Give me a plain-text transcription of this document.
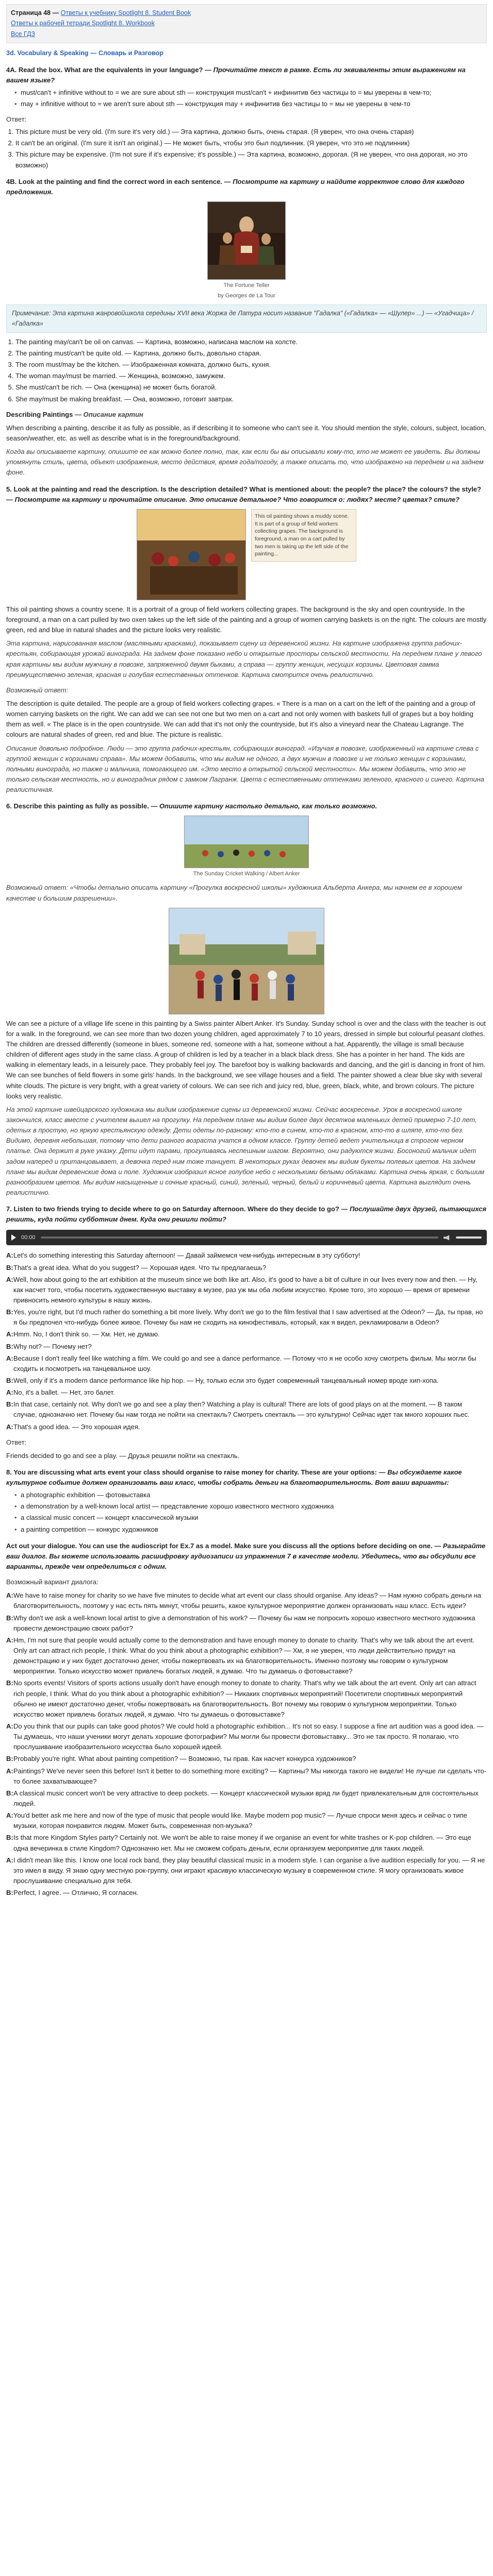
Страница 48 — Ответы к учебнику Spotlight 8. Student Book
Ответы к рабочей тетради Spotlight 8. Workbook
Все ГДЗ
3d. Vocabulary & Speaking — Словарь и Разговор
4A. Read the box. What are the equivalents in your language? — Прочитайте текст в рамке. Есть ли эквиваленты этим выражениям на вашем языке?
• must/can't + infinitive without to = we are sure about sth — конструкция must/can't + инфинитив без частицы to = мы уверены в чем-то;
• may + infinitive without to = we aren't sure about sth — конструкция may + инфинитив без частицы to = мы не уверены в чем-то
Ответ:
1. This picture must be very old. (I'm sure it's very old.) — Эта картина, должно быть, очень старая. (Я уверен, что она очень старая)
2. It can't be an original. (I'm sure it isn't an original.) — Не может быть, чтобы это был подлинник. (Я уверен, что это не подлинник)
3. This picture may be expensive. (I'm not sure if it's expensive; it's possible.) — Эта картина, возможно, дорогая. (Я не уверен, что она дорогая, но это возможно)
4B. Look at the painting and find the correct word in each sentence. — Посмотрите на картину и найдите корректное слово для каждого предложения.
The Fortune Teller
by Georges de La Tour
Примечание: Эта картина жанровойшкола середины XVII века Жоржа де Латура носит название "Гадалка" («Гадалка» — «Шулер» ...) — «Угадчица» / «Гадалка»
1. The painting may/can't be oil on canvas. — Картина, возможно, написана маслом на холсте.
2. The painting must/can't be quite old. — Картина, должно быть, довольно старая.
3. The room must/may be the kitchen. — Изображенная комната, должно быть, кухня.
4. The woman may/must be married. — Женщина, возможно, замужем.
5. She must/can't be rich. — Она (женщина) не может быть богатой.
6. She may/must be making breakfast. — Она, возможно, готовит завтрак.
Describing Paintings — Описание картин

When describing a painting, describe it as fully as possible, as if describing it to someone who can't see it. You should mention the style, colours, subject, location, season/weather, etc. as well as describe what is in the foreground/background.

Когда вы описываете картину, опишите ее как можно более полно, так, как если бы вы описывали кому-то, кто не может ее увидеть. Вы должны упомянуть стиль, цвета, объект изображения, место действия, время года/погоду, а также описать то, что изображено на переднем и на заднем фоне.

5. Look at the painting and read the description. Is the description detailed? What is mentioned about: the people? the place? the colours? the style? — Посмотрите на картину и прочитайте описание. Это описание детальное? Что говорится о: людях? месте? цветах? стиле?
This oil painting shows a muddy scene. It is part of a group of field workers collecting grapes. The background is foreground, a man on a cart pulled by two men is taking up the left side of the painting...

This oil painting shows a country scene. It is a portrait of a group of field workers collecting grapes. The background is the sky and open countryside. In the foreground, a man on a cart pulled by two oxen takes up the left side of the painting and a group of women carrying baskets is on the right. The colours are mostly green, red and blue in natural shades and the picture looks very realistic.

Эта картина, нарисованная маслом (масляными красками), показывает сцену из деревенской жизни. На картине изображена группа рабочих-крестьян, собирающая урожай винограда. На заднем фоне показано небо и открытые просторы сельской местности. На переднем плане у левого края картины мы видим мужчину в повозке, запряженной двумя быками, а справа — группу женщин, несущих корзины. Цветовая гамма преимущественно зеленая, красная и голубая естественных оттенков. Картина смотрится очень реалистично.

Возможный ответ:

The description is quite detailed. The people are a group of field workers collecting grapes. « There is a man on a cart on the left of the painting and a group of women carrying baskets on the right. We can add we can see not one but two men on a cart and not only women with baskets full of grapes but a boy holding them as well. « The place is in the open countryside. We can add that it's not only the countryside, but it's also a vineyard near the Chateau Lagrange. The colours are natural shades of green, red and blue. The picture is realistic.

Описание довольно подробное. Люди — это группа рабочих-крестьян, собирающих виноград. «Изучая в повозке, изображенный на картине слева с группой женщин с корзинами справа». Мы можем добавить, что мы видим не одного, а двух мужчин в повозке и не только женщин с корзинами, полными винограда, но также и мальчика, помогающего им. «Это место в открытой сельской местности». Мы можем добавить, что это не только сельская местность, но и виноградник рядом с замком Лагранж. Цвета с естественными оттенками зеленого, красного и синего. Картина реалистичная.

6. Describe this painting as fully as possible. — Опишите картину настолько детально, как только возможно.
The Sunday Cricket Walking / Albert Anker

Возможный ответ: «Чтобы детально описать картину «Прогулка воскресной школы» художника Альберта Анкера, мы начнем ее в хорошем качестве и большим разрешении».

We can see a picture of a village life scene in this painting by a Swiss painter Albert Anker. It's Sunday. Sunday school is over and the class with the teacher is out for a walk. In the foreground, we can see more than two dozen young children, aged approximately 7 to 10 years, dressed in simple but colourful peasant clothes. The children are dressed differently (someone in blues, someone red, someone with a hat, someone without a hat. Apparently, the village is small because children of different ages study in the same class. A group of children is led by a teacher in a black black dress. She has a pointer in her hand. The kids are walking in elementary leads, in a leisurely pace. They probably feel joy. The barefoot boy is walking backwards and dancing, and the girl is dancing in front of him. We can see bunches of field flowers in some girls' hands. In the background, we see village houses and a field. The painter showed a clear blue sky with several white clouds. The picture is very bright, with a great variety of colours. We can see rich and juicy red, blue, green, black, white, and brown colours. The picture looks very realistic.

На этой картине швейцарского художника мы видим изображение сцены из деревенской жизни. Сейчас воскресенье. Урок в воскресной школе закончился, класс вместе с учителем вышел на прогулку. На переднем плане мы видим более двух десятков маленьких детей примерно 7-10 лет, одетых в простую, но яркую крестьянскую одежду. Дети одеты по-разному: кто-то в синем, кто-то в красном, кто-то в шляпе, кто-то без. Видимо, деревня небольшая, потому что дети разного возраста учатся в одном классе. Группу детей ведет учительница в строгом черном платье. Она держит в руке указку. Дети идут парами, прогуливаясь неспешным шагом. Вероятно, они радуются жизни. Босоногий мальчик идет задом наперед и пританцовывает, а девочка перед ним тоже танцует. В некоторых руках девочек мы видим букеты полевых цветов. На заднем плане мы видим деревенские дома и поле. Художник изобразил ясное голубое небо с несколькими белыми облаками. Картина очень яркая, с большим разнообразием цветов. Мы видим насыщенные и сочные красный, синий, зеленый, черный, белый и коричневый цвета. Картина выглядит очень реалистично.

7. Listen to two friends trying to decide where to go on Saturday afternoon. Where do they decide to go? — Послушайте двух друзей, пытающихся решить, куда пойти субботним днем. Куда они решили пойти?
00:00
A: Let's do something interesting this Saturday afternoon! — Давай займемся чем-нибудь интересным в эту субботу!
B: That's a great idea. What do you suggest? — Хорошая идея. Что ты предлагаешь?
A: Well, how about going to the art exhibition at the museum since we both like art. Also, it's good to have a bit of culture in our lives every now and then. — Ну, как насчет того, чтобы посетить художественную выставку в музее, раз уж мы оба любим искусство. Кроме того, это хорошо — время от времени привносить немного культуры в нашу жизнь.
B: Yes, you're right, but I'd much rather do something a bit more lively. Why don't we go to the film festival that I saw advertised at the Odeon? — Да, ты прав, но я бы предпочел что-нибудь более живое. Почему бы нам не сходить на кинофестиваль, который, как я видел, рекламировали в Odeon?
A: Hmm. No, I don't think so. — Хм. Нет, не думаю.
B: Why not? — Почему нет?
A: Because I don't really feel like watching a film. We could go and see a dance performance. — Потому что я не особо хочу смотреть фильм. Мы могли бы сходить и посмотреть на танцевальное шоу.
B: Well, only if it's a modern dance performance like hip hop. — Ну, только если это будет современный танцевальный номер вроде хип-хопа.
A: No, it's a ballet. — Нет, это балет.
B: In that case, certainly not. Why don't we go and see a play then? Watching a play is cultural! There are lots of good plays on at the moment. — В таком случае, однозначно нет. Почему бы нам тогда не пойти на спектакль? Смотреть спектакль — это культурно! Сейчас идет так много хороших пьес.
A: That's a good idea. — Это хорошая идея.
Ответ:

Friends decided to go and see a play. — Друзья решили пойти на спектакль.

8. You are discussing what arts event your class should organise to raise money for charity. These are your options: — Вы обсуждаете какое культурное событие должен организовать ваш класс, чтобы собрать деньги на благотворительность. Вот ваши варианты:
• a photographic exhibition — фотовыставка
• a demonstration by a well-known local artist — представление хорошо известного местного художника
• a classical music concert — концерт классической музыки
• a painting competition — конкурс художников
Act out your dialogue. You can use the audioscript for Ex.7 as a model. Make sure you discuss all the options before deciding on one. — Разыграйте ваш диалог. Вы можете использовать расшифровку аудиозаписи из упражнения 7 в качестве модели. Убедитесь, что вы обсудили все варианты, прежде чем определиться с одним.
Возможный вариант диалога:
A: We have to raise money for charity so we have five minutes to decide what art event our class should organise. Any ideas? — Нам нужно собрать деньги на благотворительность, поэтому у нас есть пять минут, чтобы решить, какое культурное мероприятие должен организовать наш класс. Есть идеи?
B: Why don't we ask a well-known local artist to give a demonstration of his work? — Почему бы нам не попросить хорошо известного местного художника провести демонстрацию своих работ?
A: Hm, I'm not sure that people would actually come to the demonstration and have enough money to donate to charity. That's why we talk about the art event. Only art can attract rich people, I think. What do you think about a photographic exhibition? — Хм, я не уверен, что люди действительно придут на демонстрацию и у них будет достаточно денег, чтобы пожертвовать их на благотворительность. Именно поэтому мы говорим о культурном мероприятии. Только искусство может привлечь богатых людей, я думаю. Что ты думаешь о фотовыставке?
B: No sports events! Visitors of sports actions usually don't have enough money to donate to charity. That's why we talk about the art event. Only art can attract rich people, I think. What do you think about a photographic exhibition? — Никаких спортивных мероприятий! Посетители спортивных мероприятий обычно не имеют достаточно денег, чтобы пожертвовать на благотворительность. Вот почему мы говорим о культурном мероприятии. Только искусство может привлечь богатых людей, я думаю. Что ты думаешь о фотовыставке?
A: Do you think that our pupils can take good photos? We could hold a photographic exhibition... It's not so easy. I suppose a fine art audition was a good idea. — Ты думаешь, что наши ученики могут делать хорошие фотографии? Мы могли бы провести фотовыставку... Это не так просто. Я полагаю, что прослушивание изобразительного искусства было хорошей идеей.
B: Probably you're right. What about painting competition? — Возможно, ты прав. Как насчет конкурса художников?
A: Paintings? We've never seen this before! Isn't it better to do something more exciting? — Картины? Мы никогда такого не видели! Не лучше ли сделать что-то более захватывающее?
B: A classical music concert won't be very attractive to deep pockets. — Концерт классической музыки вряд ли будет привлекательным для состоятельных людей.
A: You'd better ask me here and now of the type of music that people would like. Maybe modern pop music? — Лучше спроси меня здесь и сейчас о типе музыки, которая понравится людям. Может быть, современная поп-музыка?
B: Is that more Kingdom Styles party? Certainly not. We won't be able to raise money if we organise an event for white trashes or K-pop children. — Это еще одна вечеринка в стиле Kingdom? Однозначно нет. Мы не сможем собрать деньги, если организуем мероприятие для таких людей.
A: I didn't mean like this. I know one local rock band, they play beautiful classical music in a modern style. I can organise a live audition especially for you. — Я не это имел в виду. Я знаю одну местную рок-группу, они играют красивую классическую музыку в современном стиле. Я могу организовать живое прослушивание специально для тебя.
B: Perfect, I agree. — Отлично, Я согласен.
